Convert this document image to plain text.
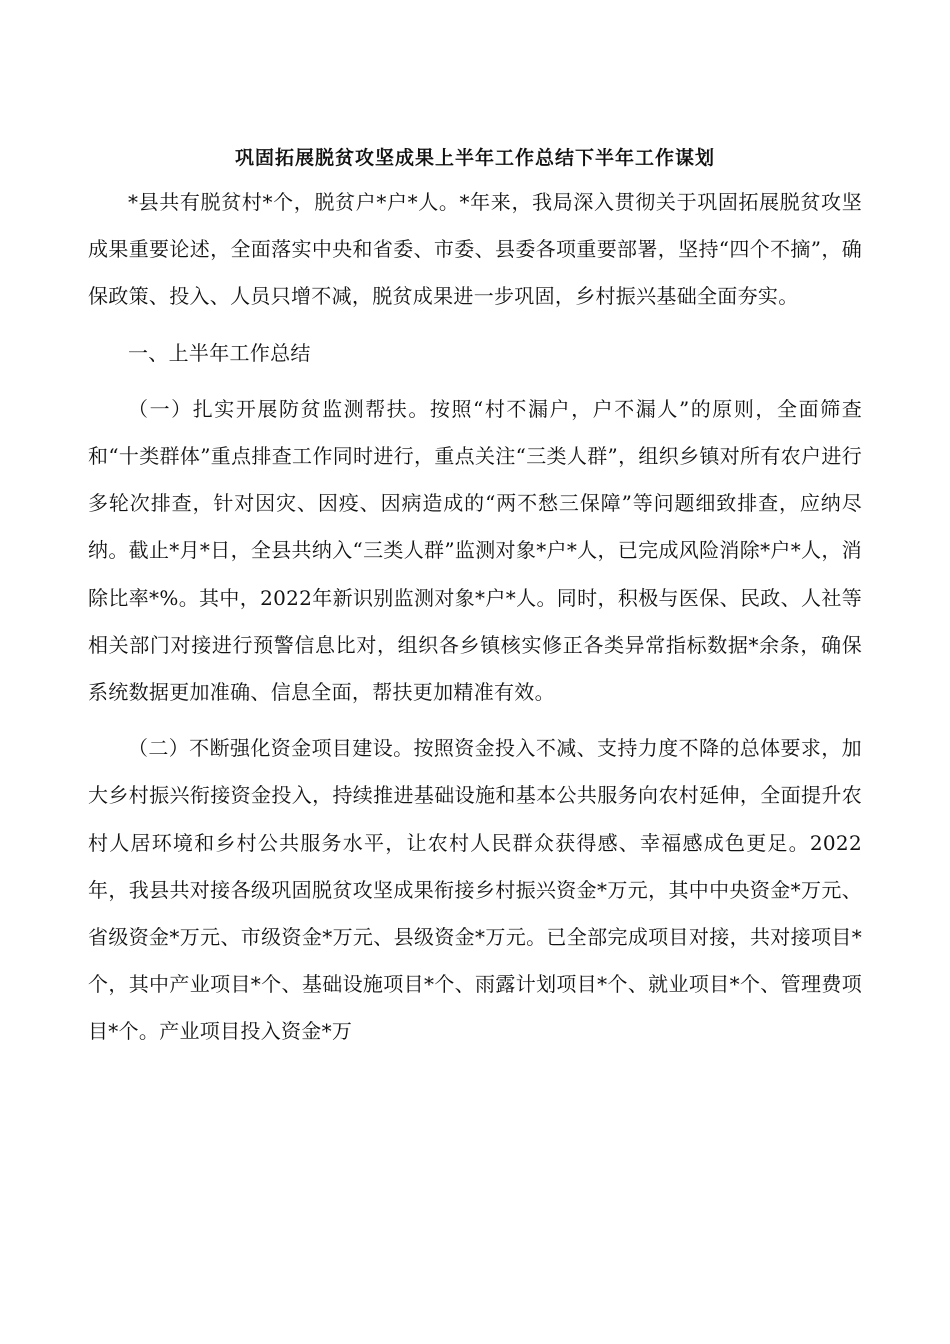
巩固拓展脱贫攻坚成果上半年工作总结下半年工作谋划

*县共有脱贫村*个，脱贫户*户*人。*年来，我局深入贯彻关于巩固拓展脱贫攻坚成果重要论述，全面落实中央和省委、市委、县委各项重要部署，坚持“四个不摘”，确保政策、投入、人员只增不减，脱贫成果进一步巩固，乡村振兴基础全面夯实。

一、上半年工作总结

（一）扎实开展防贫监测帮扶。按照“村不漏户，户不漏人”的原则，全面筛查和“十类群体”重点排查工作同时进行，重点关注“三类人群”，组织乡镇对所有农户进行多轮次排查，针对因灾、因疫、因病造成的“两不愁三保障”等问题细致排查，应纳尽纳。截止*月*日，全县共纳入“三类人群”监测对象*户*人，已完成风险消除*户*人，消除比率*%。其中，2022年新识别监测对象*户*人。同时，积极与医保、民政、人社等相关部门对接进行预警信息比对，组织各乡镇核实修正各类异常指标数据*余条，确保系统数据更加准确、信息全面，帮扶更加精准有效。

（二）不断强化资金项目建设。按照资金投入不减、支持力度不降的总体要求，加大乡村振兴衔接资金投入，持续推进基础设施和基本公共服务向农村延伸，全面提升农村人居环境和乡村公共服务水平，让农村人民群众获得感、幸福感成色更足。2022年，我县共对接各级巩固脱贫攻坚成果衔接乡村振兴资金*万元，其中中央资金*万元、省级资金*万元、市级资金*万元、县级资金*万元。已全部完成项目对接，共对接项目*个，其中产业项目*个、基础设施项目*个、雨露计划项目*个、就业项目*个、管理费项目*个。产业项目投入资金*万
